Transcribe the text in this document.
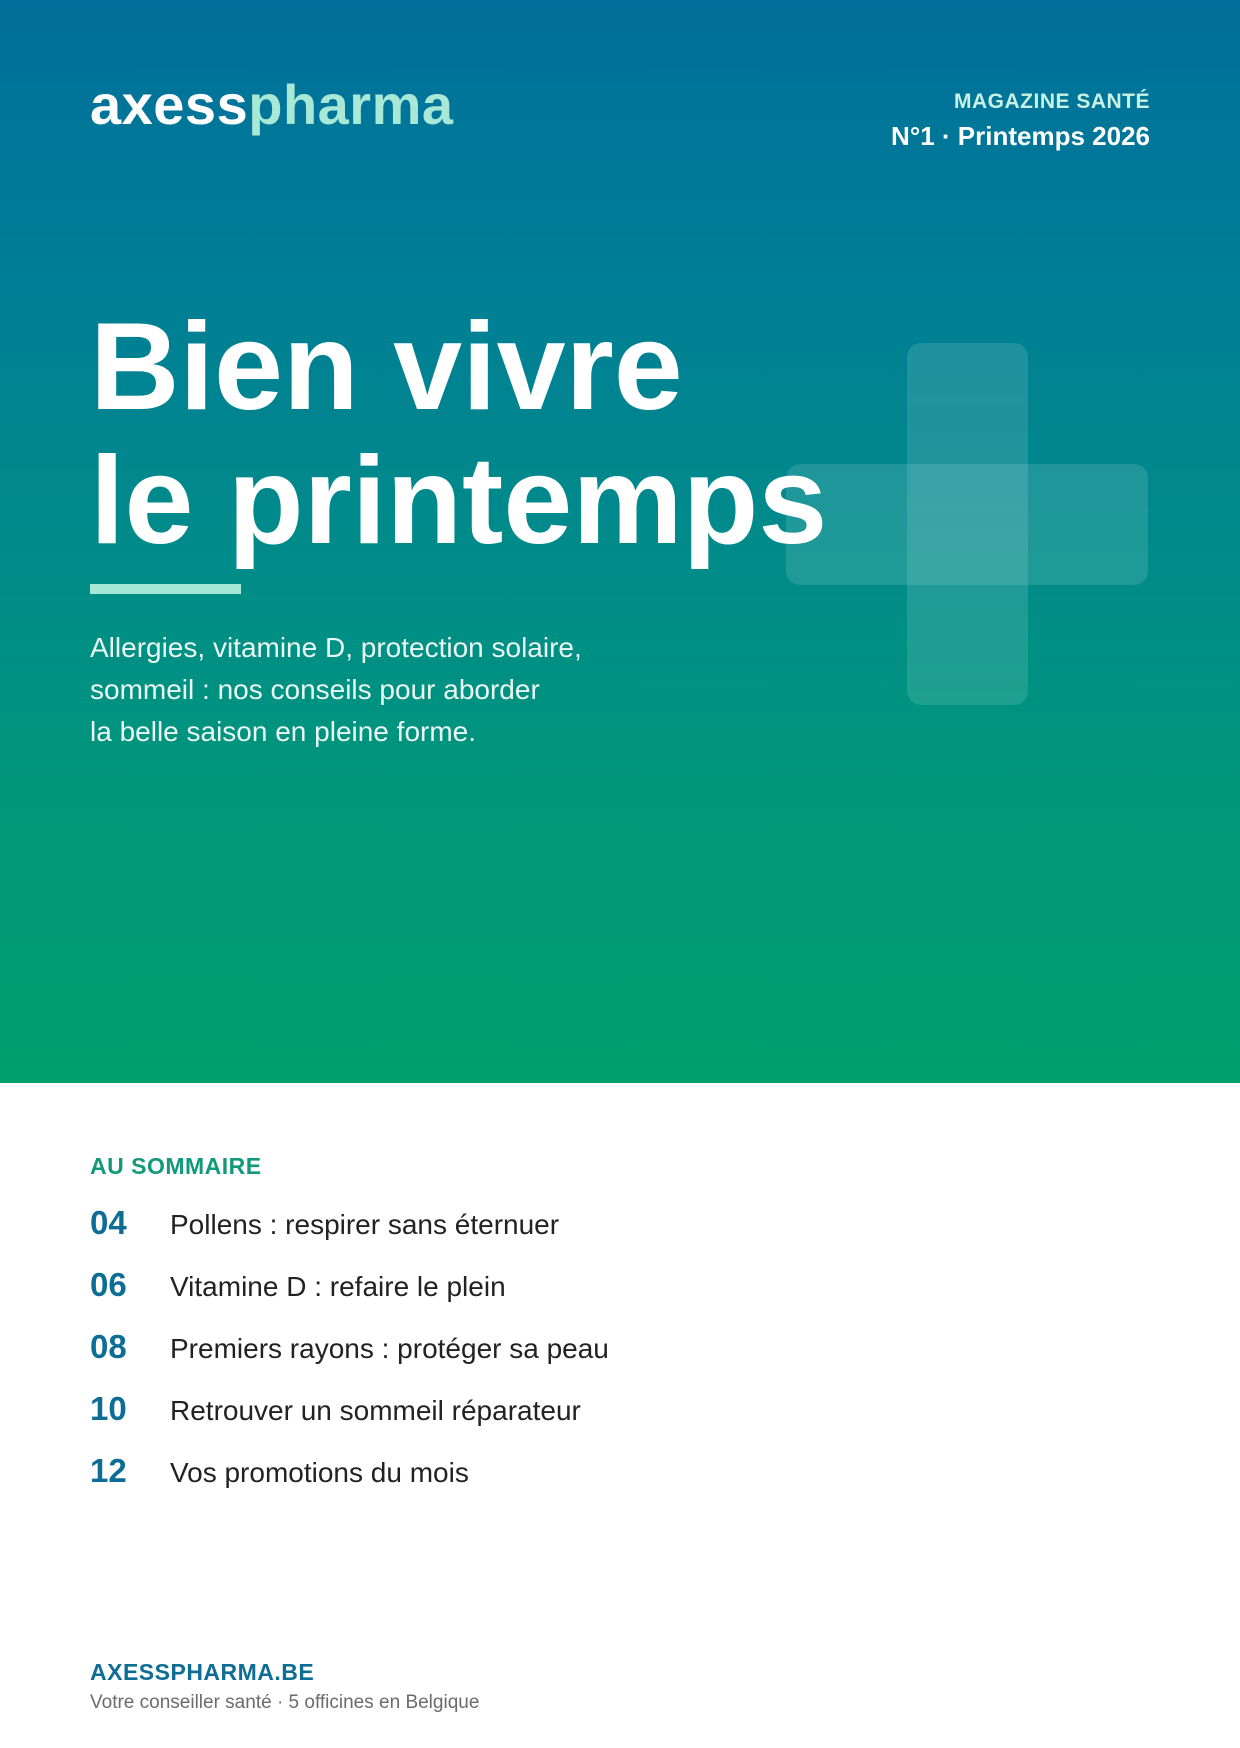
axesspharma	MAGAZINE SANTÉ
N°1 · Printemps 2026
Bien vivre
le printemps
Allergies, vitamine D, protection solaire,
sommeil : nos conseils pour aborder
la belle saison en pleine forme.
AU SOMMAIRE
04	Pollens : respirer sans éternuer
06	Vitamine D : refaire le plein
08	Premiers rayons : protéger sa peau
10	Retrouver un sommeil réparateur
12	Vos promotions du mois
AXESSPHARMA.BE
Votre conseiller santé · 5 officines en Belgique
